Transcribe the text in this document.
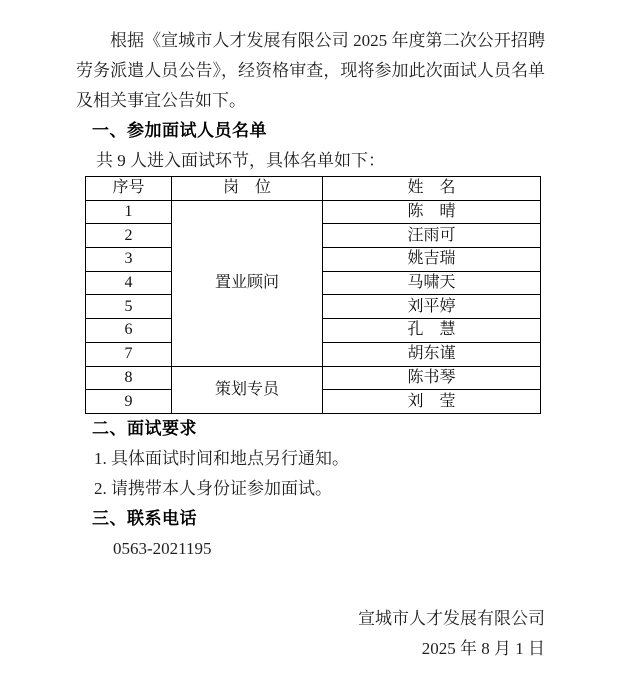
根据《宣城市人才发展有限公司 2025 年度第二次公开招聘劳务派遣人员公告》，经资格审查，现将参加此次面试人员名单及相关事宜公告如下。

一、参加面试人员名单

共 9 人进入面试环节，具体名单如下：

序号	岗　位	姓　名
1	置业顾问	陈　晴
2		汪雨可
3		姚吉瑞
4		马啸天
5		刘平婷
6		孔　慧
7		胡东谨
8	策划专员	陈书琴
9		刘　莹
二、面试要求

1. 具体面试时间和地点另行通知。

2. 请携带本人身份证参加面试。

三、联系电话

0563-2021195

宣城市人才发展有限公司
2025 年 8 月 1 日
